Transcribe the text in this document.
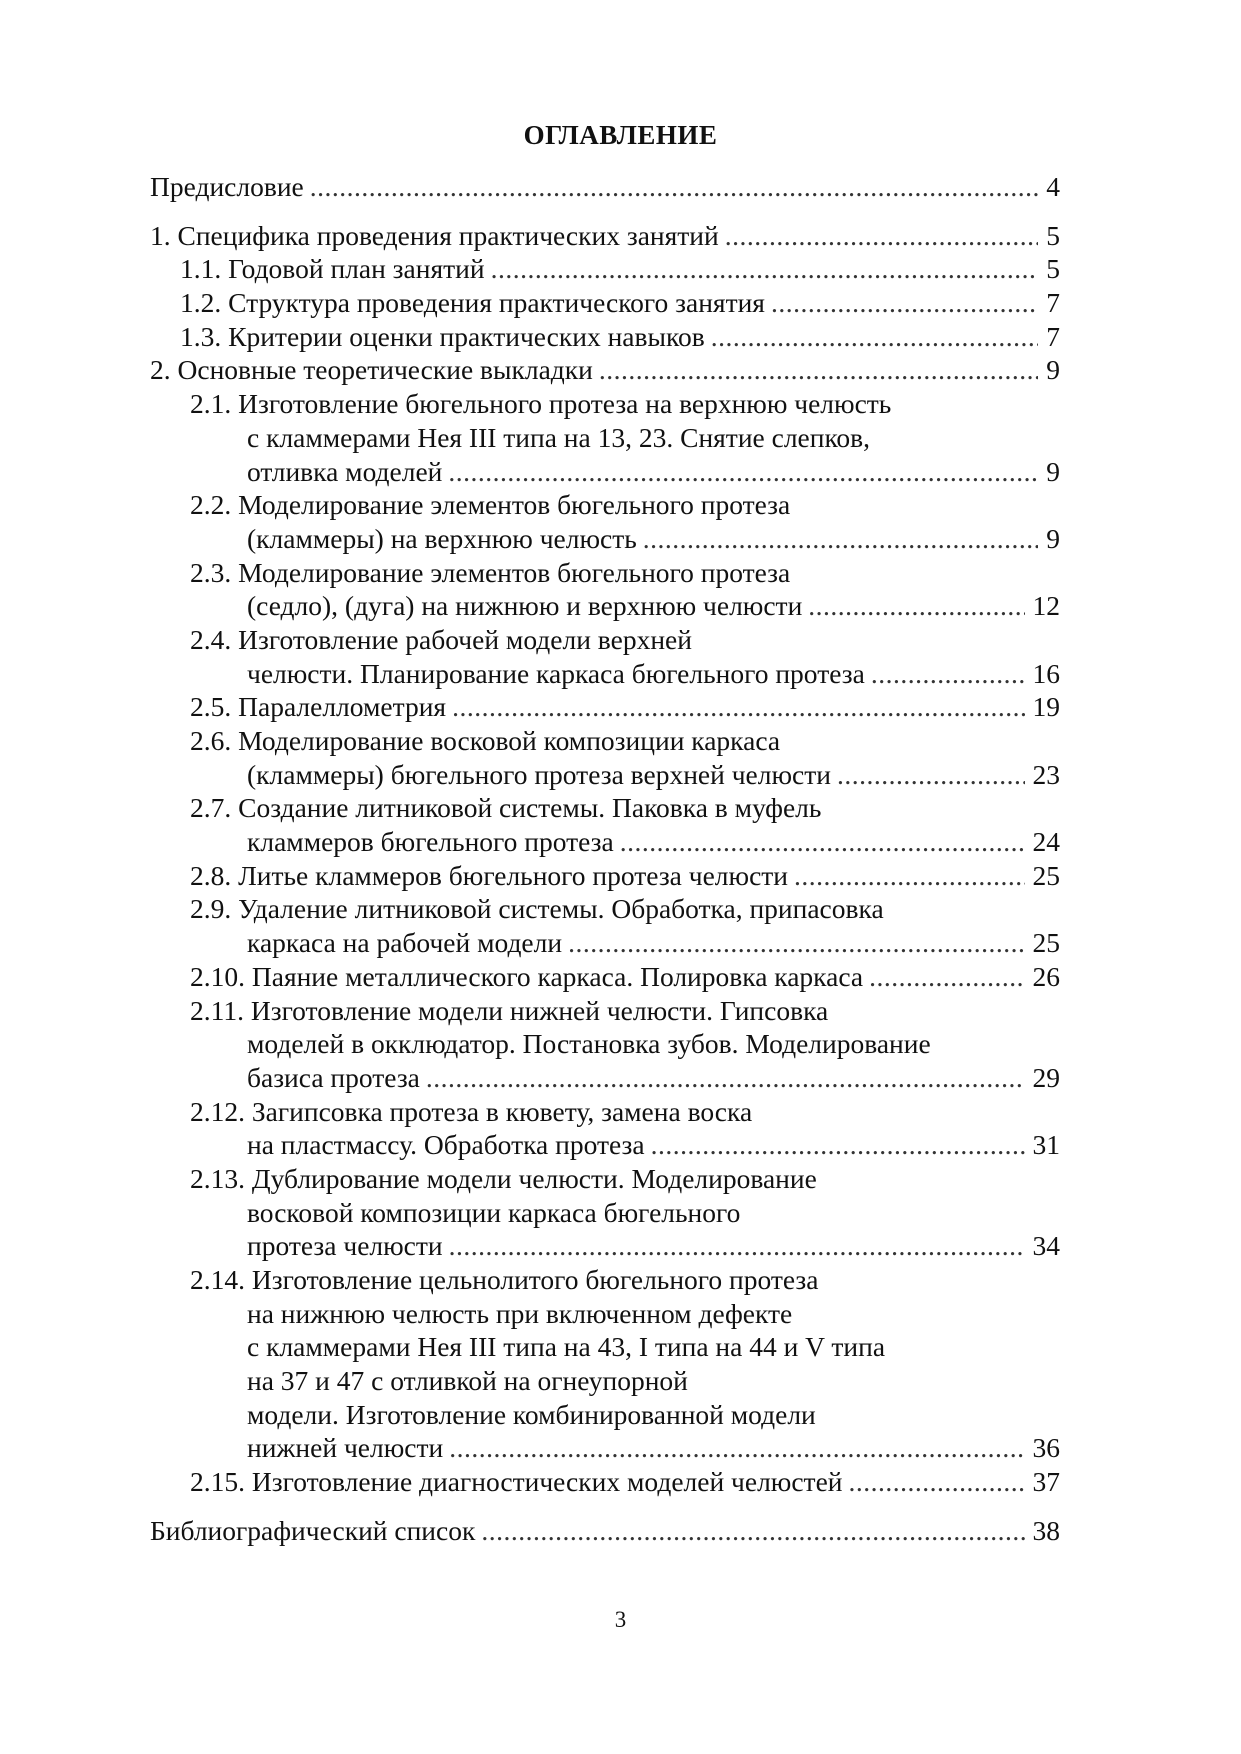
ОГЛАВЛЕНИЕ
Предисловие .....	4
1. Специфика проведения практических занятий .....	5
1.1. Годовой план занятий .....	5
1.2. Структура проведения практического занятия .....	7
1.3. Критерии оценки практических навыков .....	7
2. Основные теоретические выкладки .....	9
2.1. Изготовление бюгельного протеза на верхнюю челюсть
с кламмерами Нея III типа на 13, 23. Снятие слепков,
отливка моделей .....	9
2.2. Моделирование элементов бюгельного протеза
(кламмеры) на верхнюю челюсть .....	9
2.3. Моделирование элементов бюгельного протеза
(седло), (дуга) на нижнюю и верхнюю челюсти .....	12
2.4. Изготовление рабочей модели верхней
челюсти. Планирование каркаса бюгельного протеза .....	16
2.5. Паралеллометрия .....	19
2.6. Моделирование восковой композиции каркаса
(кламмеры) бюгельного протеза верхней челюсти .....	23
2.7. Создание литниковой системы. Паковка в муфель
кламмеров бюгельного протеза .....	24
2.8. Литье кламмеров бюгельного протеза челюсти .....	25
2.9. Удаление литниковой системы. Обработка, припасовка
каркаса на рабочей модели .....	25
2.10. Паяние металлического каркаса. Полировка каркаса .....	26
2.11. Изготовление модели нижней челюсти. Гипсовка
моделей в окклюдатор. Постановка зубов. Моделирование
базиса протеза .....	29
2.12. Загипсовка протеза в кювету, замена воска
на пластмассу. Обработка протеза .....	31
2.13. Дублирование модели челюсти. Моделирование
восковой композиции каркаса бюгельного
протеза челюсти .....	34
2.14. Изготовление цельнолитого бюгельного протеза
на нижнюю челюсть при включенном дефекте
с кламмерами Нея III типа на 43, I типа на 44 и V типа
на 37 и 47 с отливкой на огнеупорной
модели. Изготовление комбинированной модели
нижней челюсти .....	36
2.15. Изготовление диагностических моделей челюстей .....	37
Библиографический список .....	38
3
